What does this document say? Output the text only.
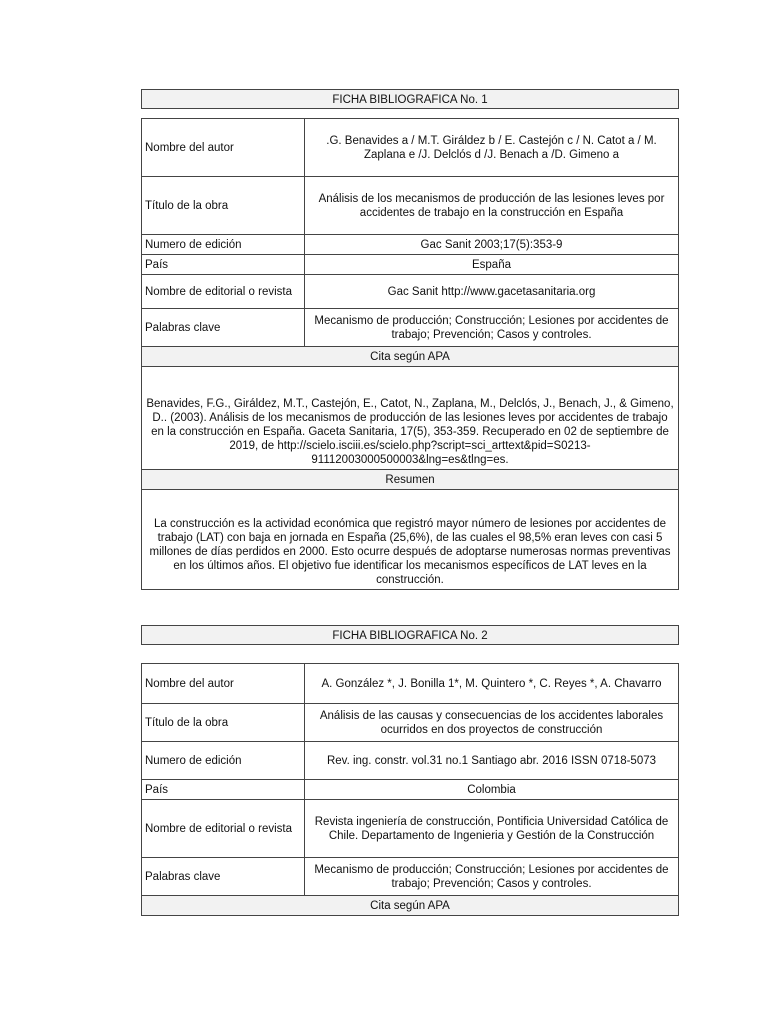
FICHA BIBLIOGRAFICA No. 1
Nombre del autor	.G. Benavides a / M.T. Giráldez b / E. Castejón c / N. Catot a / M. Zaplana e /J. Delclós d /J. Benach a /D. Gimeno a
Título de la obra	Análisis de los mecanismos de producción de las lesiones leves por accidentes de trabajo en la construcción en España
Numero de edición	Gac Sanit 2003;17(5):353-9
País	España
Nombre de editorial o revista	Gac Sanit http://www.gacetasanitaria.org
Palabras clave	Mecanismo de producción; Construcción; Lesiones por accidentes de trabajo; Prevención; Casos y controles.
Cita según APA	
Benavides, F.G., Giráldez, M.T., Castejón, E., Catot, N., Zaplana, M., Delclós, J., Benach, J., & Gimeno, D.. (2003). Análisis de los mecanismos de producción de las lesiones leves por accidentes de trabajo en la construcción en España. Gaceta Sanitaria, 17(5), 353-359. Recuperado en 02 de septiembre de 2019, de http://scielo.isciii.es/scielo.php?script=sci_arttext&pid=S0213-91112003000500003&lng=es&tlng=es.	
Resumen	
La construcción es la actividad económica que registró mayor número de lesiones por accidentes de trabajo (LAT) con baja en jornada en España (25,6%), de las cuales el 98,5% eran leves con casi 5 millones de días perdidos en 2000. Esto ocurre después de adoptarse numerosas normas preventivas en los últimos años. El objetivo fue identificar los mecanismos específicos de LAT leves en la construcción.	
FICHA BIBLIOGRAFICA No. 2
Nombre del autor	A. González *, J. Bonilla 1*, M. Quintero *, C. Reyes *, A. Chavarro
Título de la obra	Análisis de las causas y consecuencias de los accidentes laborales ocurridos en dos proyectos de construcción
Numero de edición	Rev. ing. constr. vol.31 no.1 Santiago abr. 2016 ISSN 0718-5073
País	Colombia
Nombre de editorial o revista	Revista ingeniería de construcción, Pontificia Universidad Católica de Chile. Departamento de Ingenieria y Gestión de la Construcción
Palabras clave	Mecanismo de producción; Construcción; Lesiones por accidentes de trabajo; Prevención; Casos y controles.
Cita según APA	
